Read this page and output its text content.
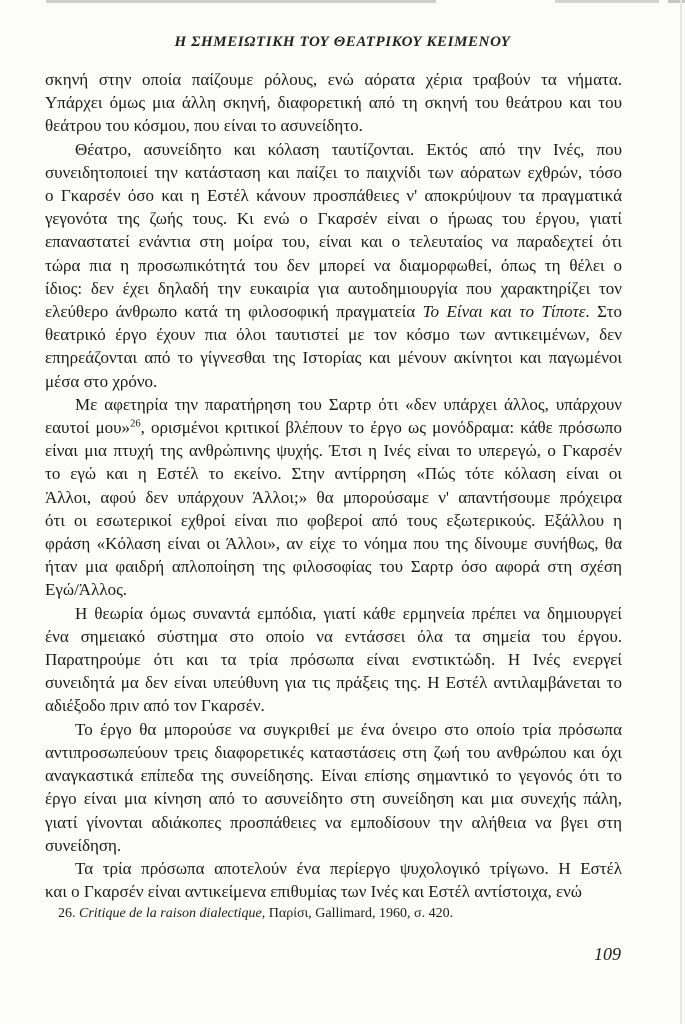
Η ΣΗΜΕΙΩΤΙΚΗ ΤΟΥ ΘΕΑΤΡΙΚΟΥ ΚΕΙΜΕΝΟΥ
σκηνή στην οποία παίζουμε ρόλους, ενώ αόρατα χέρια τραβούν τα νήματα.
Υπάρχει όμως μια άλλη σκηνή, διαφορετική από τη σκηνή του θεάτρου και του
θεάτρου του κόσμου, που είναι το ασυνείδητο.
Θέατρο, ασυνείδητο και κόλαση ταυτίζονται. Εκτός από την Ινές, που
συνειδητοποιεί την κατάσταση και παίζει το παιχνίδι των αόρατων εχθρών, τόσο
ο Γκαρσέν όσο και η Εστέλ κάνουν προσπάθειες ν' αποκρύψουν τα πραγματικά
γεγονότα της ζωής τους. Κι ενώ ο Γκαρσέν είναι ο ήρωας του έργου, γιατί
επαναστατεί ενάντια στη μοίρα του, είναι και ο τελευταίος να παραδεχτεί ότι
τώρα πια η προσωπικότητά του δεν μπορεί να διαμορφωθεί, όπως τη θέλει ο
ίδιος: δεν έχει δηλαδή την ευκαιρία για αυτοδημιουργία που χαρακτηρίζει τον
ελεύθερο άνθρωπο κατά τη φιλοσοφική πραγματεία Το Είναι και το Τίποτε. Στο
θεατρικό έργο έχουν πια όλοι ταυτιστεί με τον κόσμο των αντικειμένων, δεν
επηρεάζονται από το γίγνεσθαι της Ιστορίας και μένουν ακίνητοι και παγωμένοι
μέσα στο χρόνο.
Με αφετηρία την παρατήρηση του Σαρτρ ότι «δεν υπάρχει άλλος, υπάρχουν
εαυτοί μου»$^{26}$, ορισμένοι κριτικοί βλέπουν το έργο ως μονόδραμα: κάθε πρόσωπο
είναι μια πτυχή της ανθρώπινης ψυχής. Έτσι η Ινές είναι το υπερεγώ, ο Γκαρσέν
το εγώ και η Εστέλ το εκείνο. Στην αντίρρηση «Πώς τότε κόλαση είναι οι
Άλλοι, αφού δεν υπάρχουν Άλλοι;» θα μπορούσαμε ν' απαντήσουμε πρόχειρα
ότι οι εσωτερικοί εχθροί είναι πιο φοβεροί από τους εξωτερικούς. Εξάλλου η
φράση «Κόλαση είναι οι Άλλοι», αν είχε το νόημα που της δίνουμε συνήθως, θα
ήταν μια φαιδρή απλοποίηση της φιλοσοφίας του Σαρτρ όσο αφορά στη σχέση
Εγώ/Άλλος.
Η θεωρία όμως συναντά εμπόδια, γιατί κάθε ερμηνεία πρέπει να δημιουργεί
ένα σημειακό σύστημα στο οποίο να εντάσσει όλα τα σημεία του έργου.
Παρατηρούμε ότι και τα τρία πρόσωπα είναι ενστικτώδη. Η Ινές ενεργεί
συνειδητά μα δεν είναι υπεύθυνη για τις πράξεις της. Η Εστέλ αντιλαμβάνεται το
αδιέξοδο πριν από τον Γκαρσέν.
Το έργο θα μπορούσε να συγκριθεί με ένα όνειρο στο οποίο τρία πρόσωπα
αντιπροσωπεύουν τρεις διαφορετικές καταστάσεις στη ζωή του ανθρώπου και όχι
αναγκαστικά επίπεδα της συνείδησης. Είναι επίσης σημαντικό το γεγονός ότι το
έργο είναι μια κίνηση από το ασυνείδητο στη συνείδηση και μια συνεχής πάλη,
γιατί γίνονται αδιάκοπες προσπάθειες να εμποδίσουν την αλήθεια να βγει στη
συνείδηση.
Τα τρία πρόσωπα αποτελούν ένα περίεργο ψυχολογικό τρίγωνο. Η Εστέλ
και ο Γκαρσέν είναι αντικείμενα επιθυμίας των Ινές και Εστέλ αντίστοιχα, ενώ
26. Critique de la raison dialectique, Παρίσι, Gallimard, 1960, σ. 420.
109
